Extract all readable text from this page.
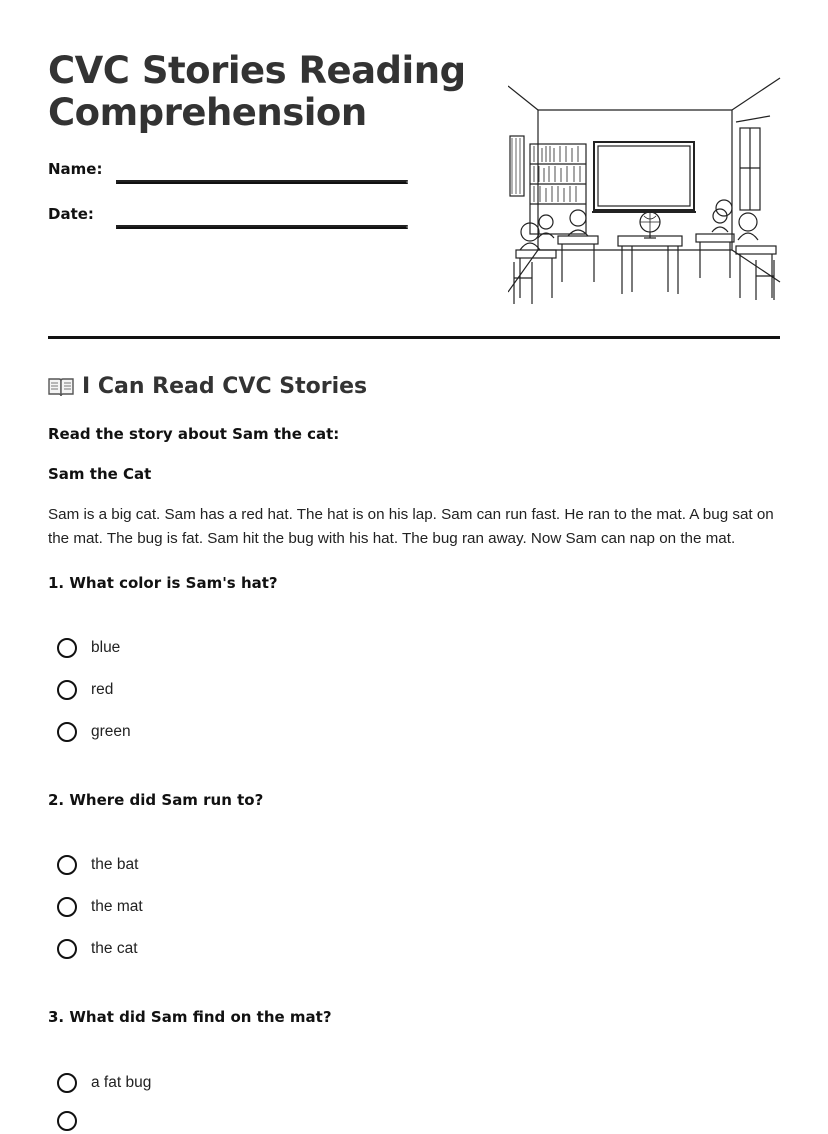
CVC Stories Reading Comprehension
Name:
Date:
I Can Read CVC Stories
Read the story about Sam the cat:
Sam the Cat

Sam is a big cat. Sam has a red hat. The hat is on his lap. Sam can run fast. He ran to the mat. A bug sat on the mat. The bug is fat. Sam hit the bug with his hat. The bug ran away. Now Sam can nap on the mat.

1. What color is Sam's hat?
blue
red
green
2. Where did Sam run to?
the bat
the mat
the cat
3. What did Sam find on the mat?
a fat bug
